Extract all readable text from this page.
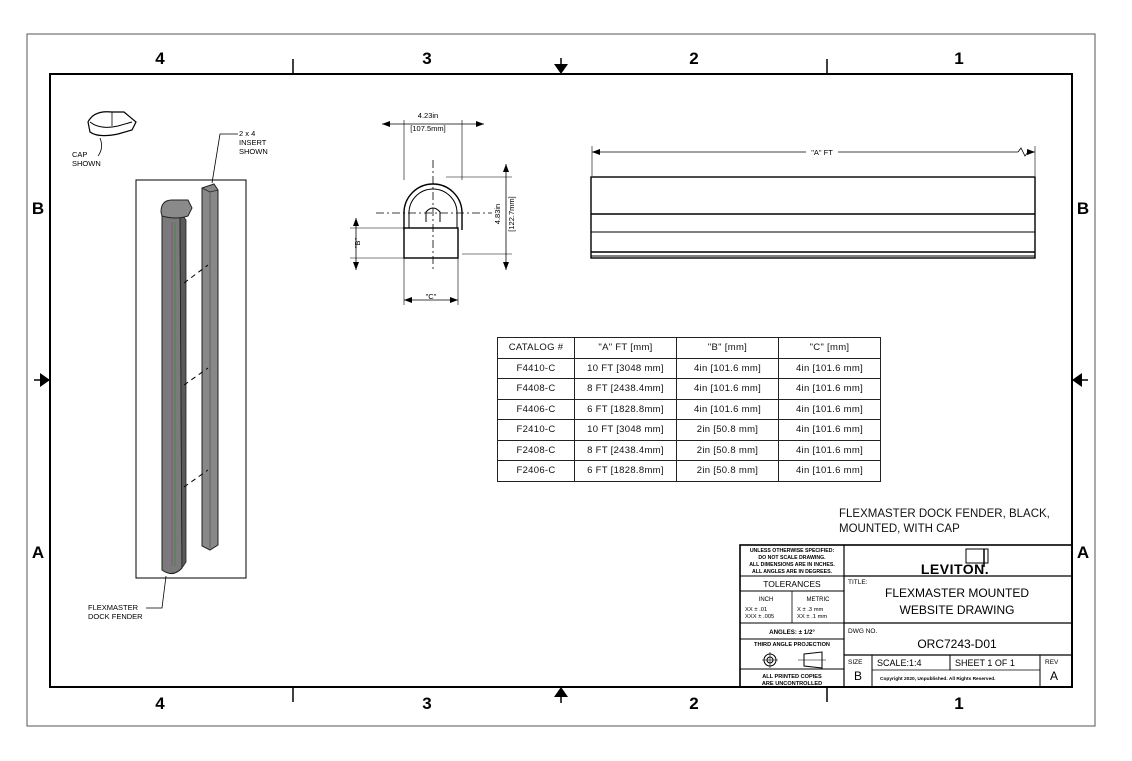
4	3	2	1
4	3	2	1
B
A
B
A
CAP
SHOWN
2 x 4
INSERT
SHOWN
FLEXMASTER
DOCK FENDER
4.23in
[107.5mm]
4.83in [122.7mm]
"B"
"C"
"A" FT
UNLESS OTHERWISE SPECIFIED:
DO NOT SCALE DRAWING.
ALL DIMENSIONS ARE IN INCHES.
ALL ANGLES ARE IN DEGREES.
TOLERANCES
INCH	METRIC
XX ± .01
XXX ± .005
X ± .3 mm
XX ± .1 mm
ANGLES: ± 1/2°
THIRD ANGLE PROJECTION
ALL PRINTED COPIES
ARE UNCONTROLLED
LEVITON.
TITLE:
FLEXMASTER MOUNTED
WEBSITE DRAWING
DWG NO.
ORC7243-D01
SIZE
B
SCALE:1:4	SHEET 1 OF 1	REV
A
Copyright 2020, Unpublished. All Rights Reserved.
CATALOG #	"A" FT [mm]	"B" [mm]	"C" [mm]
F4410-C	10 FT [3048 mm]	4in [101.6 mm]	4in [101.6 mm]
F4408-C	8 FT [2438.4mm]	4in [101.6 mm]	4in [101.6 mm]
F4406-C	6 FT [1828.8mm]	4in [101.6 mm]	4in [101.6 mm]
F2410-C	10 FT [3048 mm]	2in [50.8 mm]	4in [101.6 mm]
F2408-C	8 FT [2438.4mm]	2in [50.8 mm]	4in [101.6 mm]
F2406-C	6 FT [1828.8mm]	2in [50.8 mm]	4in [101.6 mm]
FLEXMASTER DOCK FENDER, BLACK,
MOUNTED, WITH CAP
